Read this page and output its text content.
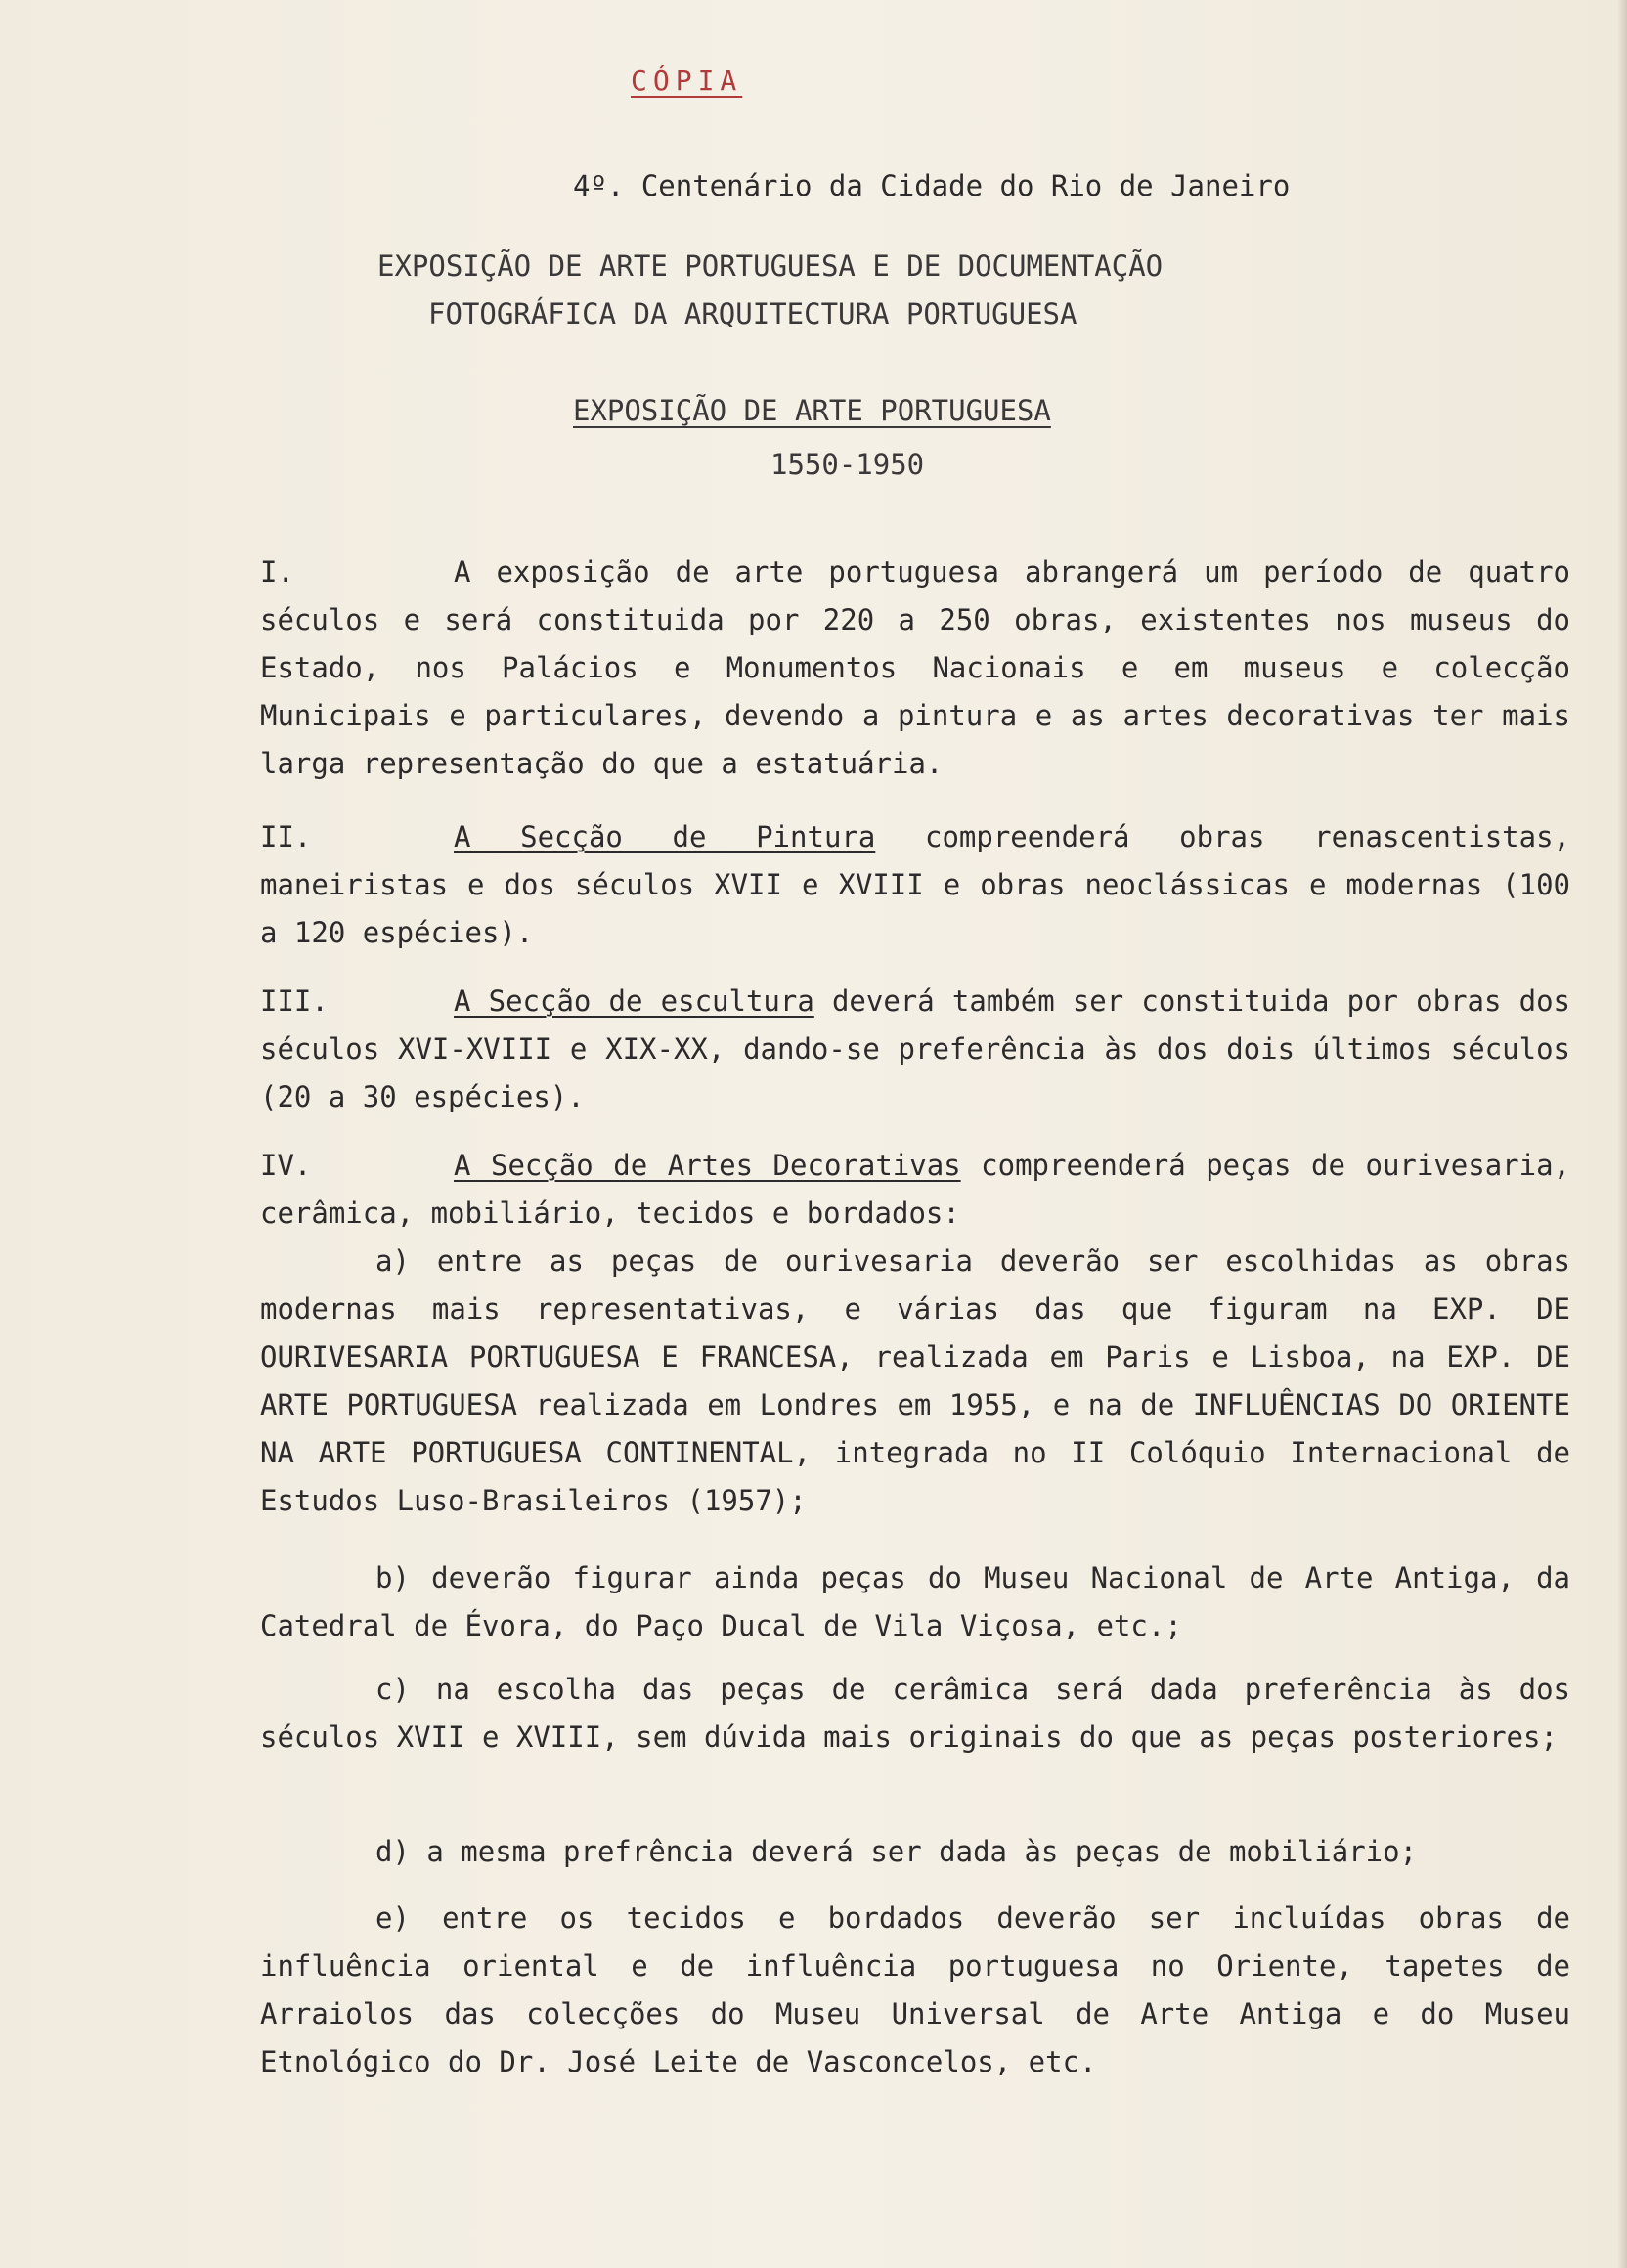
CÓPIA
4º. Centenário da Cidade do Rio de Janeiro
EXPOSIÇÃO DE ARTE PORTUGUESA E DE DOCUMENTAÇÃO
FOTOGRÁFICA DA ARQUITECTURA PORTUGUESA
EXPOSIÇÃO DE ARTE PORTUGUESA
1550-1950

I.	A exposição de arte portuguesa abrangerá um período de quatro séculos e será constituida por 220 a 250 obras, existentes nos museus do Estado, nos Palácios e Monumentos Nacionais e em museus e colecção Municipais e particulares, devendo a pintura e as artes decorativas ter mais larga representação do que a estatuária.

II.	A Secção de Pintura compreenderá obras renascentistas, maneiristas e dos séculos XVII e XVIII e obras neoclássicas e modernas (100 a 120 espécies).

III.	A Secção de escultura deverá também ser constituida por obras dos séculos XVI-XVIII e XIX-XX, dando-se preferência às dos dois últimos séculos (20 a 30 espécies).

IV.	A Secção de Artes Decorativas compreenderá peças de ourivesaria, cerâmica, mobiliário, tecidos e bordados:

a) entre as peças de ourivesaria deverão ser escolhidas as obras modernas mais representativas, e várias das que figuram na EXP. DE OURIVESARIA PORTUGUESA E FRANCESA, realizada em Paris e Lisboa, na EXP. DE ARTE PORTUGUESA realizada em Londres em 1955, e na de INFLUÊNCIAS DO ORIENTE NA ARTE PORTUGUESA CONTINENTAL, integrada no II Colóquio Internacional de Estudos Luso-Brasileiros (1957);

b) deverão figurar ainda peças do Museu Nacional de Arte Antiga, da Catedral de Évora, do Paço Ducal de Vila Viçosa, etc.;

c) na escolha das peças de cerâmica será dada preferência às dos séculos XVII e XVIII, sem dúvida mais originais do que as peças posteriores;

d) a mesma prefrência deverá ser dada às peças de mobiliário;

e) entre os tecidos e bordados deverão ser incluídas obras de influência oriental e de influência portuguesa no Oriente, tapetes de Arraiolos das colecções do Museu Universal de Arte Antiga e do Museu Etnológico do Dr. José Leite de Vasconcelos, etc.
